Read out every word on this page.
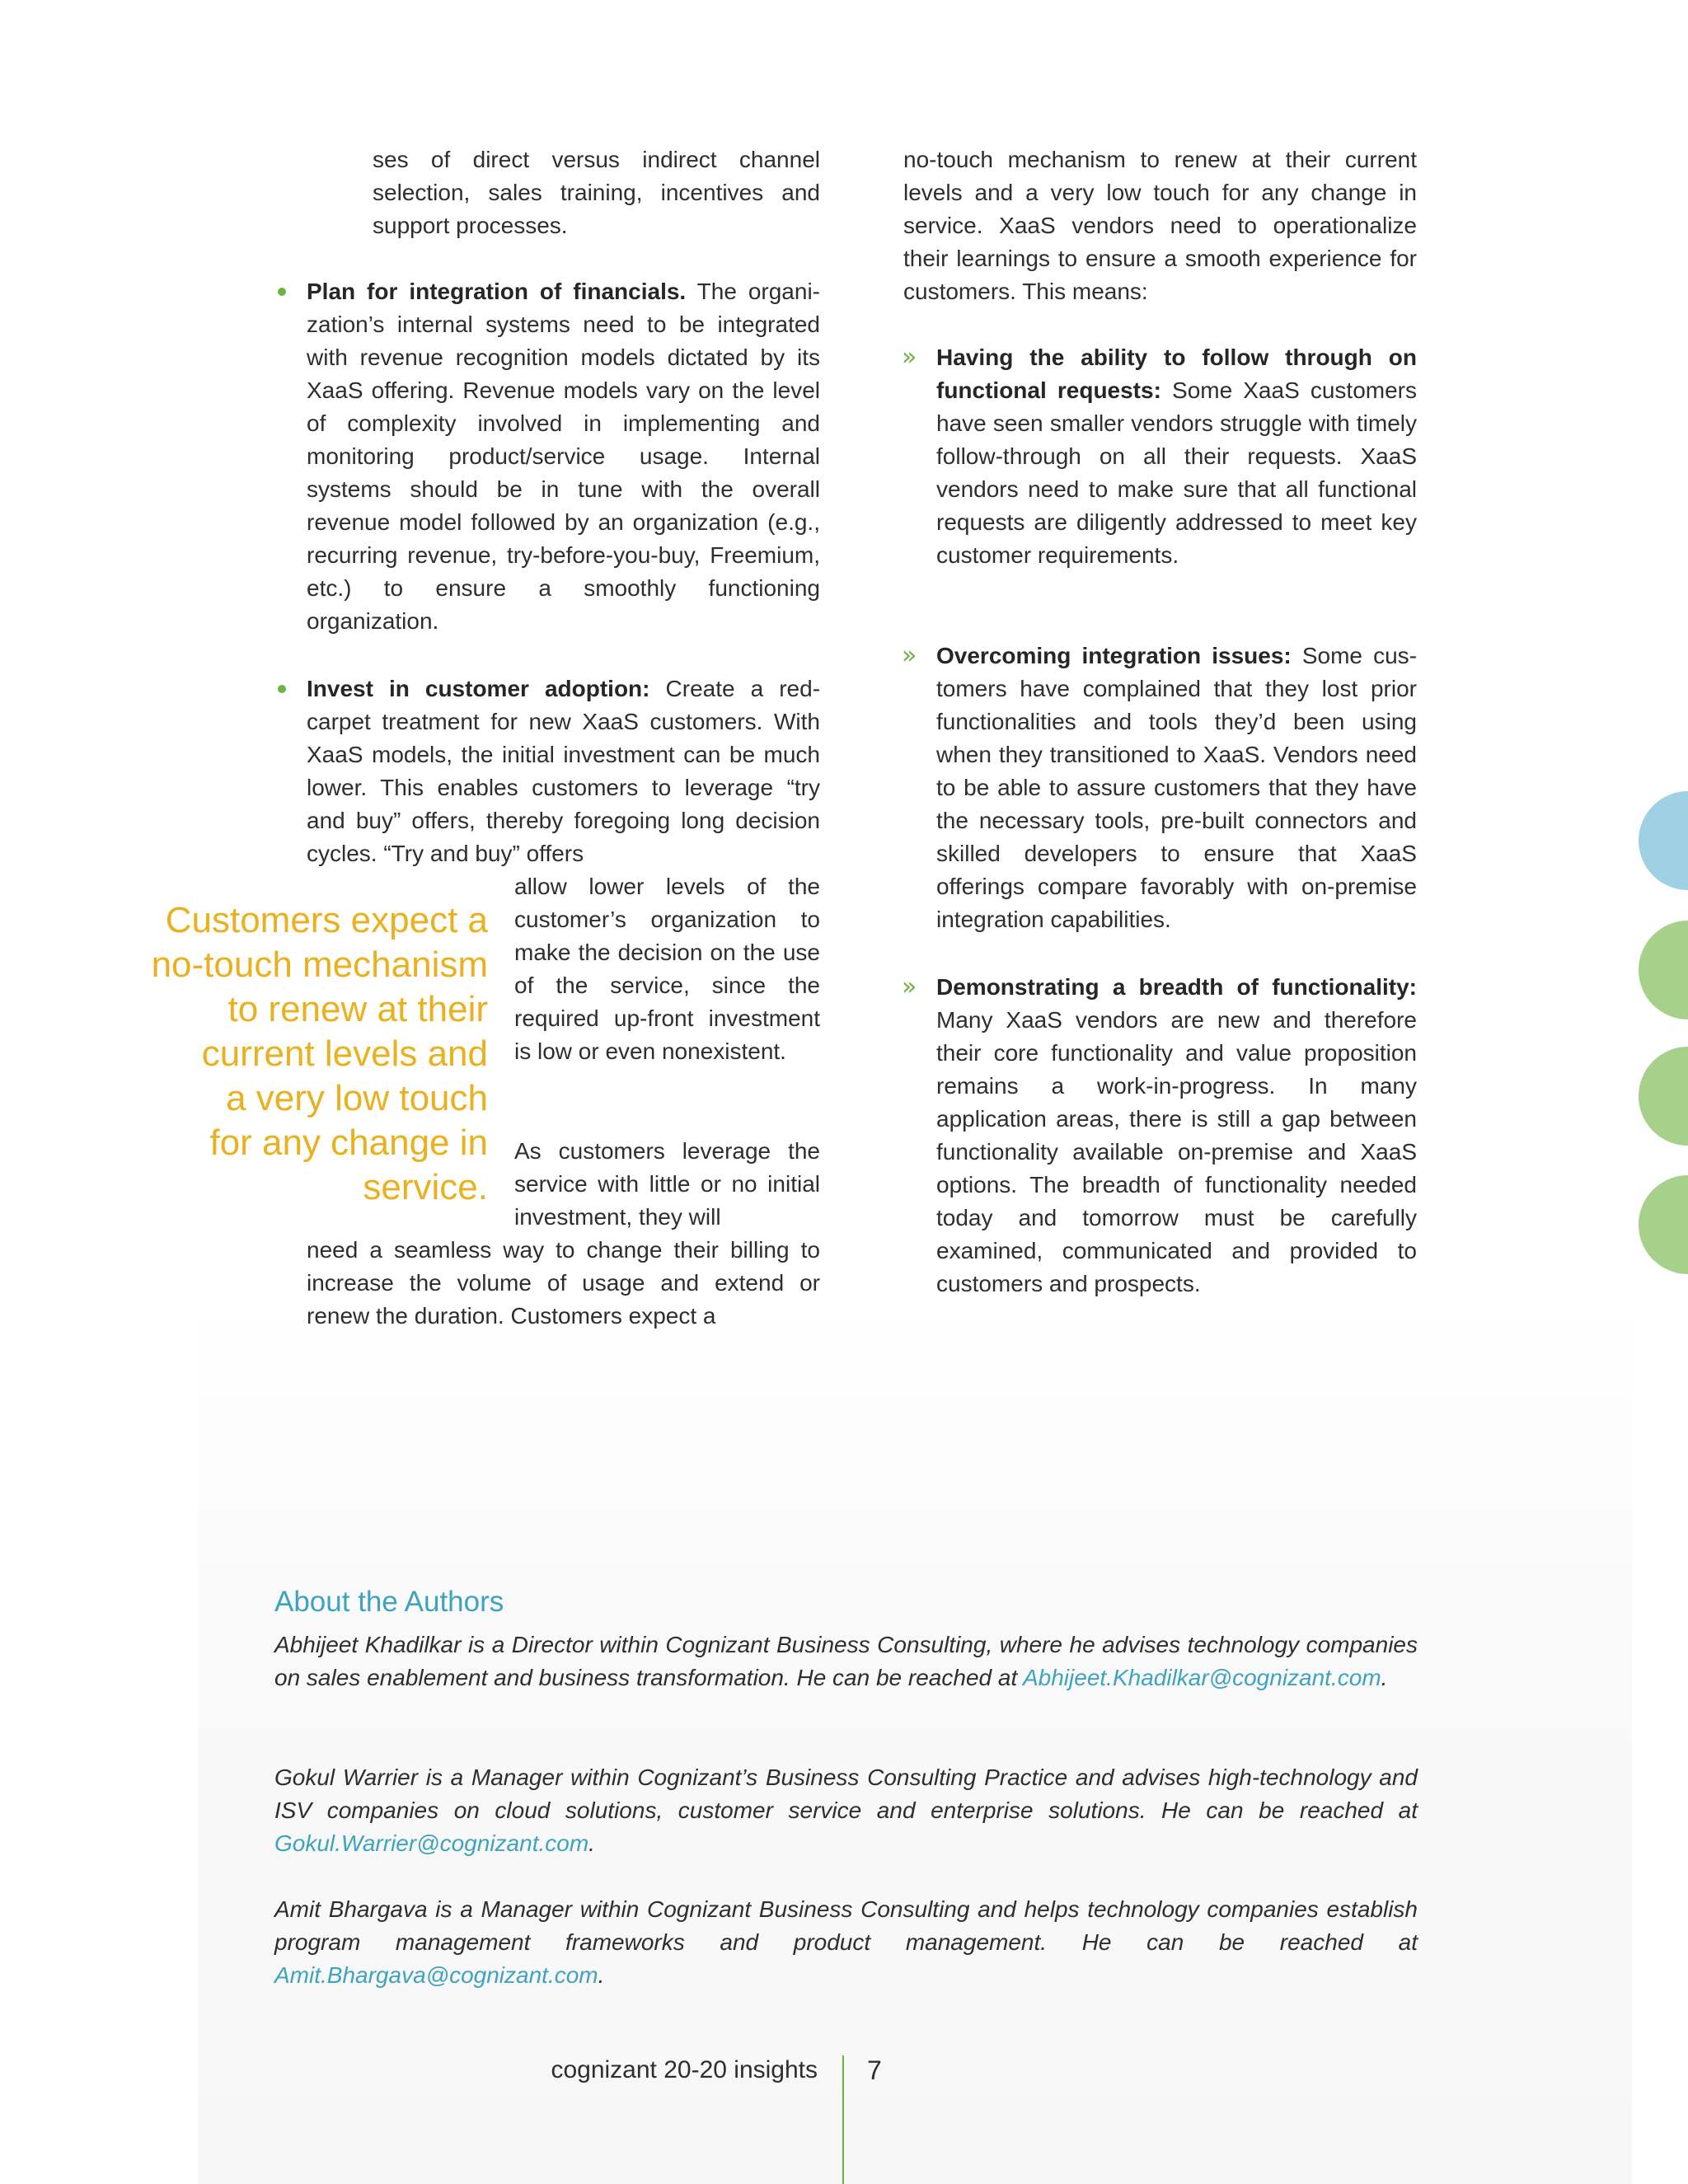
ses of direct versus indirect channel selection, sales training, incentives and support processes.

Plan for integration of financials. The organization’s internal systems need to be integrated with revenue recognition models dictated by its XaaS offering. Revenue models vary on the level of complexity involved in implementing and monitoring product/service usage. Internal systems should be in tune with the overall revenue model followed by an organization (e.g., recurring revenue, try-before-you-buy, Freemium, etc.) to ensure a smoothly functioning organization.

Invest in customer adoption: Create a redcarpet treatment for new XaaS customers. With XaaS models, the initial investment can be much lower. This enables customers to leverage “try and buy” offers, thereby foregoing long decision cycles. “Try and buy” offers

allow lower levels of the customer’s organization to make the decision on the use of the service, since the required up-front investment is low or even nonexistent.

As customers leverage the service with little or no initial investment, they will

need a seamless way to change their billing to increase the volume of usage and extend or renew the duration. Customers expect a

Customers expect a
no-touch mechanism
to renew at their
current levels and
a very low touch
for any change in
service.

no-touch mechanism to renew at their current levels and a very low touch for any change in service. XaaS vendors need to operationalize their learnings to ensure a smooth experience for customers. This means:

» Having the ability to follow through on functional requests: Some XaaS customers have seen smaller vendors struggle with timely follow-through on all their requests. XaaS vendors need to make sure that all functional requests are diligently addressed to meet key customer requirements.

» Overcoming integration issues: Some customers have complained that they lost prior functionalities and tools they’d been using when they transitioned to XaaS. Vendors need to be able to assure customers that they have the necessary tools, pre-built connectors and skilled developers to ensure that XaaS offerings compare favorably with on-premise integration capabilities.

» Demonstrating a breadth of functionality: Many XaaS vendors are new and therefore their core functionality and value proposition remains a work-in-progress. In many application areas, there is still a gap between functionality available on-premise and XaaS options. The breadth of functionality needed today and tomorrow must be carefully examined, communicated and provided to customers and prospects.

About the Authors

Abhijeet Khadilkar is a Director within Cognizant Business Consulting, where he advises technology companies on sales enablement and business transformation. He can be reached at Abhijeet.Khadilkar@cognizant.com.

Gokul Warrier is a Manager within Cognizant’s Business Consulting Practice and advises high-technology and ISV companies on cloud solutions, customer service and enterprise solutions. He can be reached at Gokul.Warrier@cognizant.com.

Amit Bhargava is a Manager within Cognizant Business Consulting and helps technology companies establish program management frameworks and product management. He can be reached at Amit.Bhargava@cognizant.com.

cognizant 20-20 insights 7
